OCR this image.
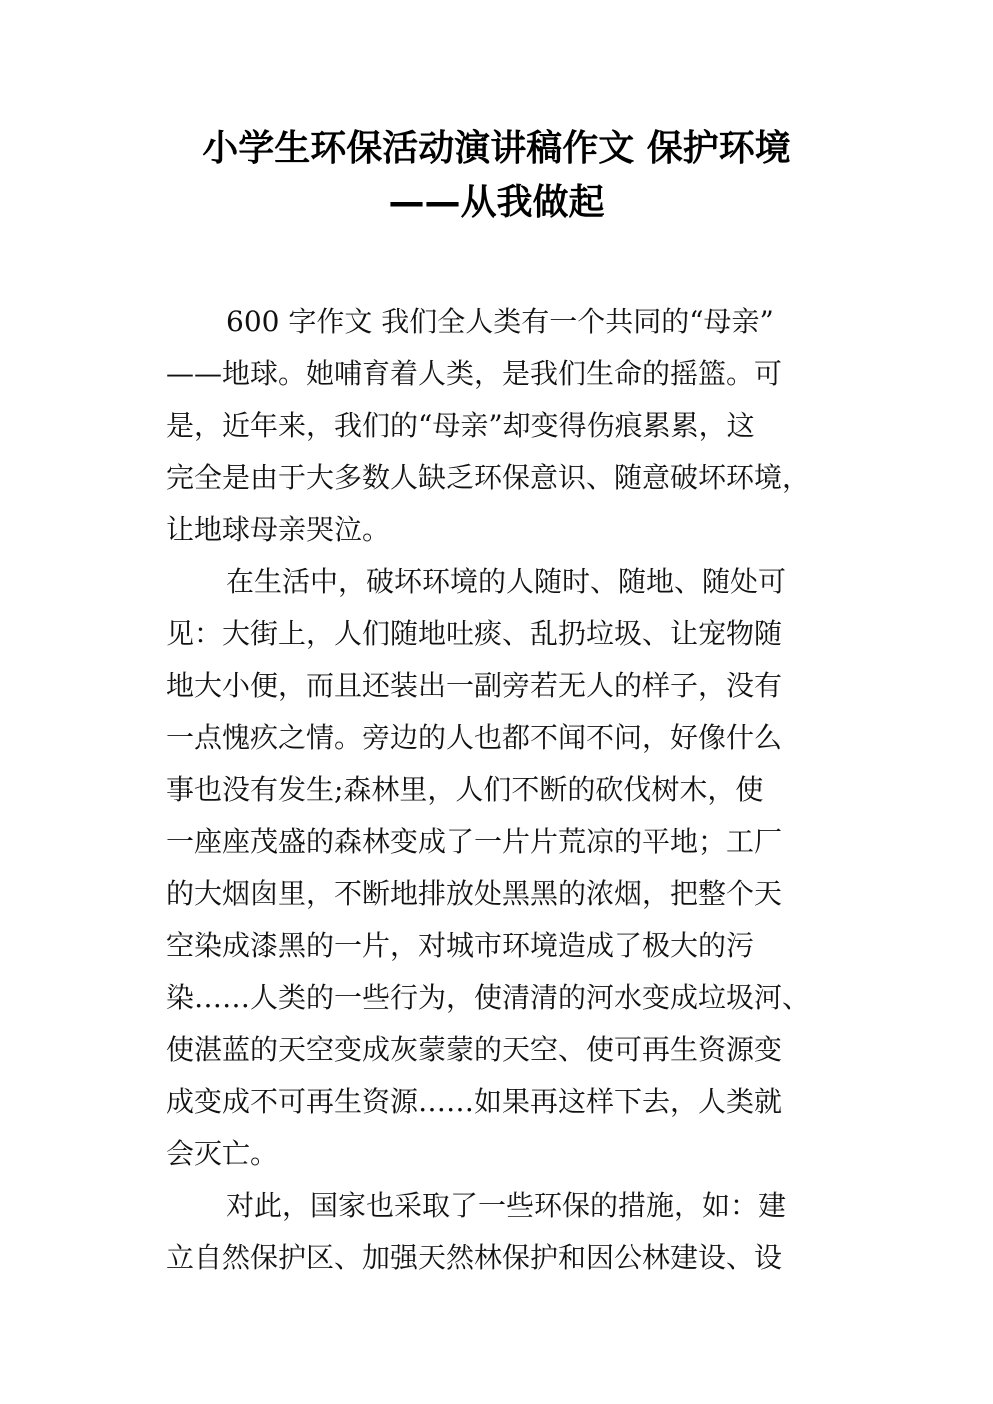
小学生环保活动演讲稿作文 保护环境
——从我做起
600 字作文 我们全人类有一个共同的“母亲”
——地球。她哺育着人类，是我们生命的摇篮。可
是，近年来，我们的“母亲”却变得伤痕累累，这
完全是由于大多数人缺乏环保意识、随意破坏环境，
让地球母亲哭泣。
在生活中，破坏环境的人随时、随地、随处可
见：大街上，人们随地吐痰、乱扔垃圾、让宠物随
地大小便，而且还装出一副旁若无人的样子，没有
一点愧疚之情。旁边的人也都不闻不问，好像什么
事也没有发生;森林里，人们不断的砍伐树木，使
一座座茂盛的森林变成了一片片荒凉的平地；工厂
的大烟囱里，不断地排放处黑黑的浓烟，把整个天
空染成漆黑的一片，对城市环境造成了极大的污
染……人类的一些行为，使清清的河水变成垃圾河、
使湛蓝的天空变成灰蒙蒙的天空、使可再生资源变
成变成不可再生资源……如果再这样下去，人类就
会灭亡。
对此，国家也采取了一些环保的措施，如：建
立自然保护区、加强天然林保护和因公林建设、设
